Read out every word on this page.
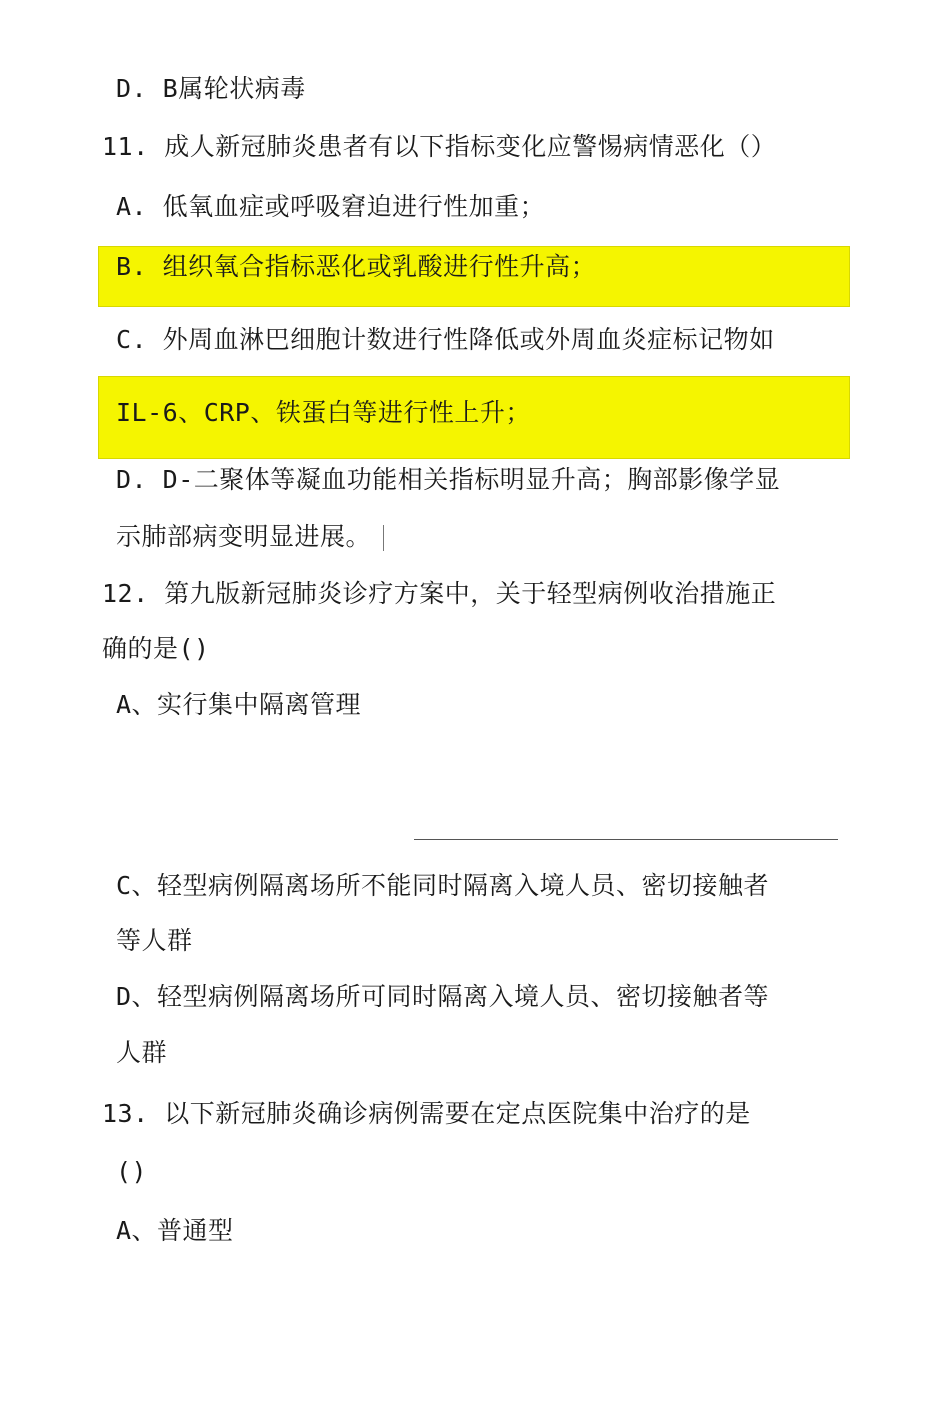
D. B属轮状病毒
11. 成人新冠肺炎患者有以下指标变化应警惕病情恶化（）
A. 低氧血症或呼吸窘迫进行性加重；
B. 组织氧合指标恶化或乳酸进行性升高；
C. 外周血淋巴细胞计数进行性降低或外周血炎症标记物如
IL-6、CRP、铁蛋白等进行性上升；
D. D-二聚体等凝血功能相关指标明显升高；胸部影像学显
示肺部病变明显进展。
12. 第九版新冠肺炎诊疗方案中，关于轻型病例收治措施正
确的是()
A、实行集中隔离管理
C、轻型病例隔离场所不能同时隔离入境人员、密切接触者
等人群
D、轻型病例隔离场所可同时隔离入境人员、密切接触者等
人群
13. 以下新冠肺炎确诊病例需要在定点医院集中治疗的是
()
A、普通型
